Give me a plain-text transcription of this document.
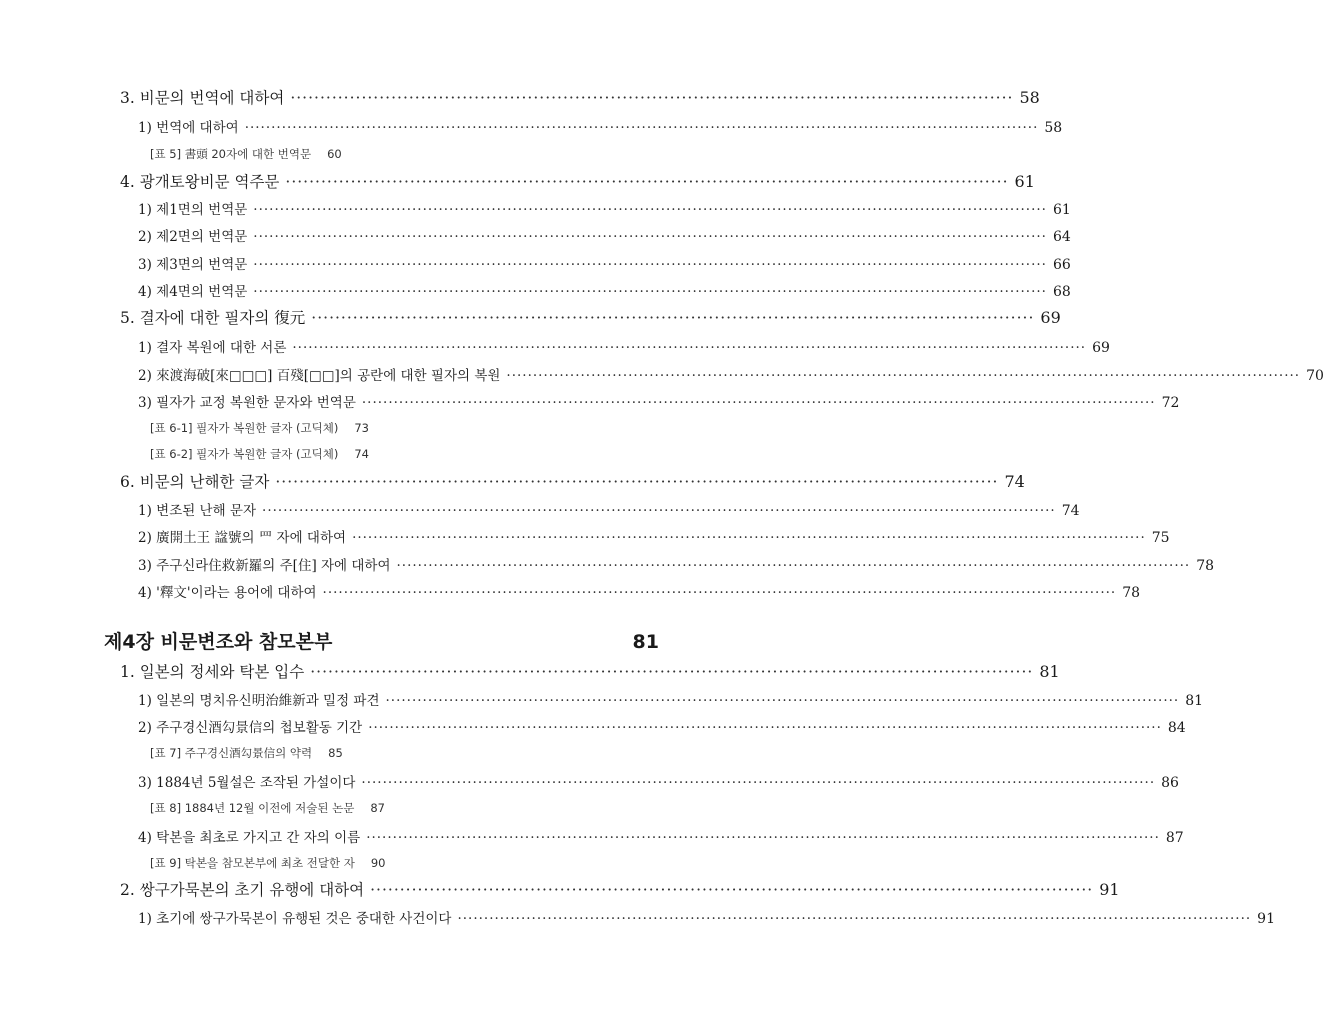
3. 비문의 번역에 대하여 ·························································································································· 58
1) 번역에 대하여 ······················································································································································ 58
[표 5] 書頭 20자에 대한 번역문 60
4. 광개토왕비문 역주문 ·························································································································· 61
1) 제1면의 번역문 ······················································································································································ 61
2) 제2면의 번역문 ······················································································································································ 64
3) 제3면의 번역문 ······················································································································································ 66
4) 제4면의 번역문 ······················································································································································ 68
5. 결자에 대한 필자의 復元 ·························································································································· 69
1) 결자 복원에 대한 서론 ······················································································································································ 69
2) 來渡海破[來□□□] 百殘[□□]의 공란에 대한 필자의 복원 ······················································································································································ 70
3) 필자가 교정 복원한 문자와 번역문 ······················································································································································ 72
[표 6-1] 필자가 복원한 글자 (고딕체) 73
[표 6-2] 필자가 복원한 글자 (고딕체) 74
6. 비문의 난해한 글자 ·························································································································· 74
1) 변조된 난해 문자 ······················································································································································ 74
2) 廣開土王 諡號의 罒 자에 대하여 ······················································································································································ 75
3) 주구신라住救新羅의 주[住] 자에 대하여 ······················································································································································ 78
4) '釋文'이라는 용어에 대하여 ······················································································································································ 78
제4장 비문변조와 참모본부	81
1. 일본의 정세와 탁본 입수 ·························································································································· 81
1) 일본의 명치유신明治維新과 밀정 파견 ······················································································································································ 81
2) 주구경신酒勾景信의 첩보활동 기간 ······················································································································································ 84
[표 7] 주구경신酒勾景信의 약력 85
3) 1884년 5월설은 조작된 가설이다 ······················································································································································ 86
[표 8] 1884년 12월 이전에 저술된 논문 87
4) 탁본을 최초로 가지고 간 자의 이름 ······················································································································································ 87
[표 9] 탁본을 참모본부에 최초 전달한 자 90
2. 쌍구가묵본의 초기 유행에 대하여 ·························································································································· 91
1) 초기에 쌍구가묵본이 유행된 것은 중대한 사건이다 ······················································································································································ 91
